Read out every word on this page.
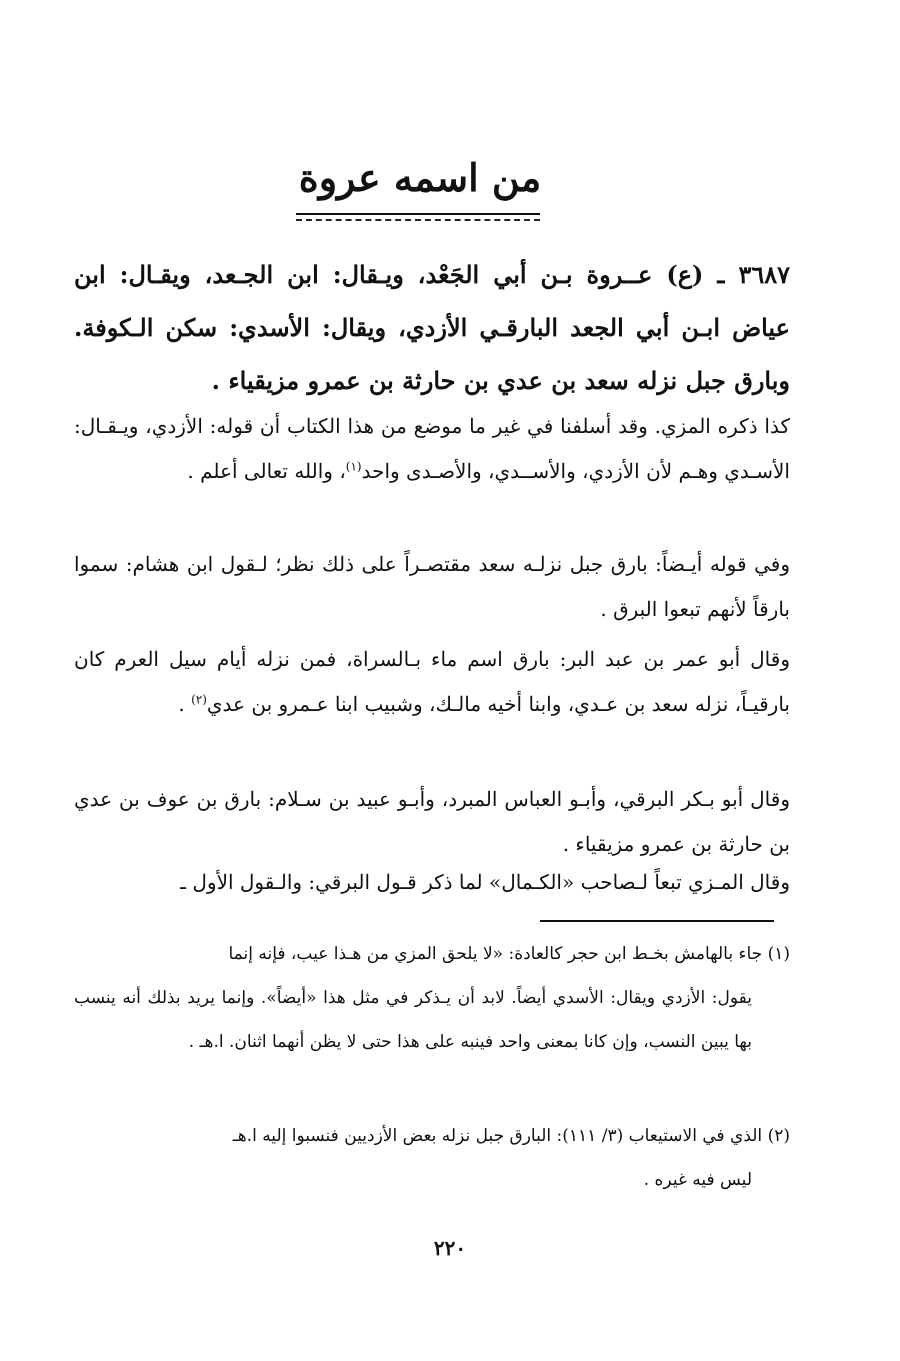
من اسمه عروة
٣٦٨٧ ـ (ع) عــروة بـن أبي الجَعْد، ويـقال: ابن الجـعد، ويقـال: ابن عياض ابـن أبي الجعد البارقـي الأزدي، ويقال: الأسدي: سكن الـكوفة. وبارق جبل نزله سعد بن عدي بن حارثة بن عمرو مزيقياء .
كذا ذكره المزي. وقد أسلفنا في غير ما موضع من هذا الكتاب أن قوله: الأزدي، ويـقـال: الأسـدي وهـم لأن الأزدي، والأســدي، والأصـدى واحد$^{(١)}$، والله تعالى أعلم .
وفي قوله أيـضاً: بارق جبل نزلـه سعد مقتصـراً على ذلك نظر؛ لـقول ابن هشام: سموا بارقاً لأنهم تبعوا البرق .
وقال أبو عمر بن عبد البر: بارق اسم ماء بـالسراة، فمن نزله أيام سيل العرم كان بارقيـاً، نزله سعد بن عـدي، وابنا أخيه مالـك، وشبيب ابنا عـمرو بن عدي$^{(٢)}$ .
وقال أبو بـكر البرقي، وأبـو العباس المبرد، وأبـو عبيد بن سـلام: بارق بن عوف بن عدي بن حارثة بن عمرو مزيقياء .
وقال المـزي تبعاً لـصاحب «الكـمال» لما ذكر قـول البرقي: والـقول الأول ـ
(١) جاء بالهامش بخـط ابن حجر كالعادة: «لا يلحق المزي من هـذا عيب، فإنه إنما
يقول: الأزدي ويقال: الأسدي أيضاً. لابد أن يـذكر في مثل هذا «أيضاً». وإنما يريد بذلك أنه ينسب بها يبين النسب، وإن كانا بمعنى واحد فينبه على هذا حتى لا يظن أنهما اثنان. ا.هـ .
(٢) الذي في الاستيعاب (٣/ ١١١): البارق جبل نزله بعض الأزديين فنسبوا إليه ا.هـ
ليس فيه غيره .
٢٢٠
